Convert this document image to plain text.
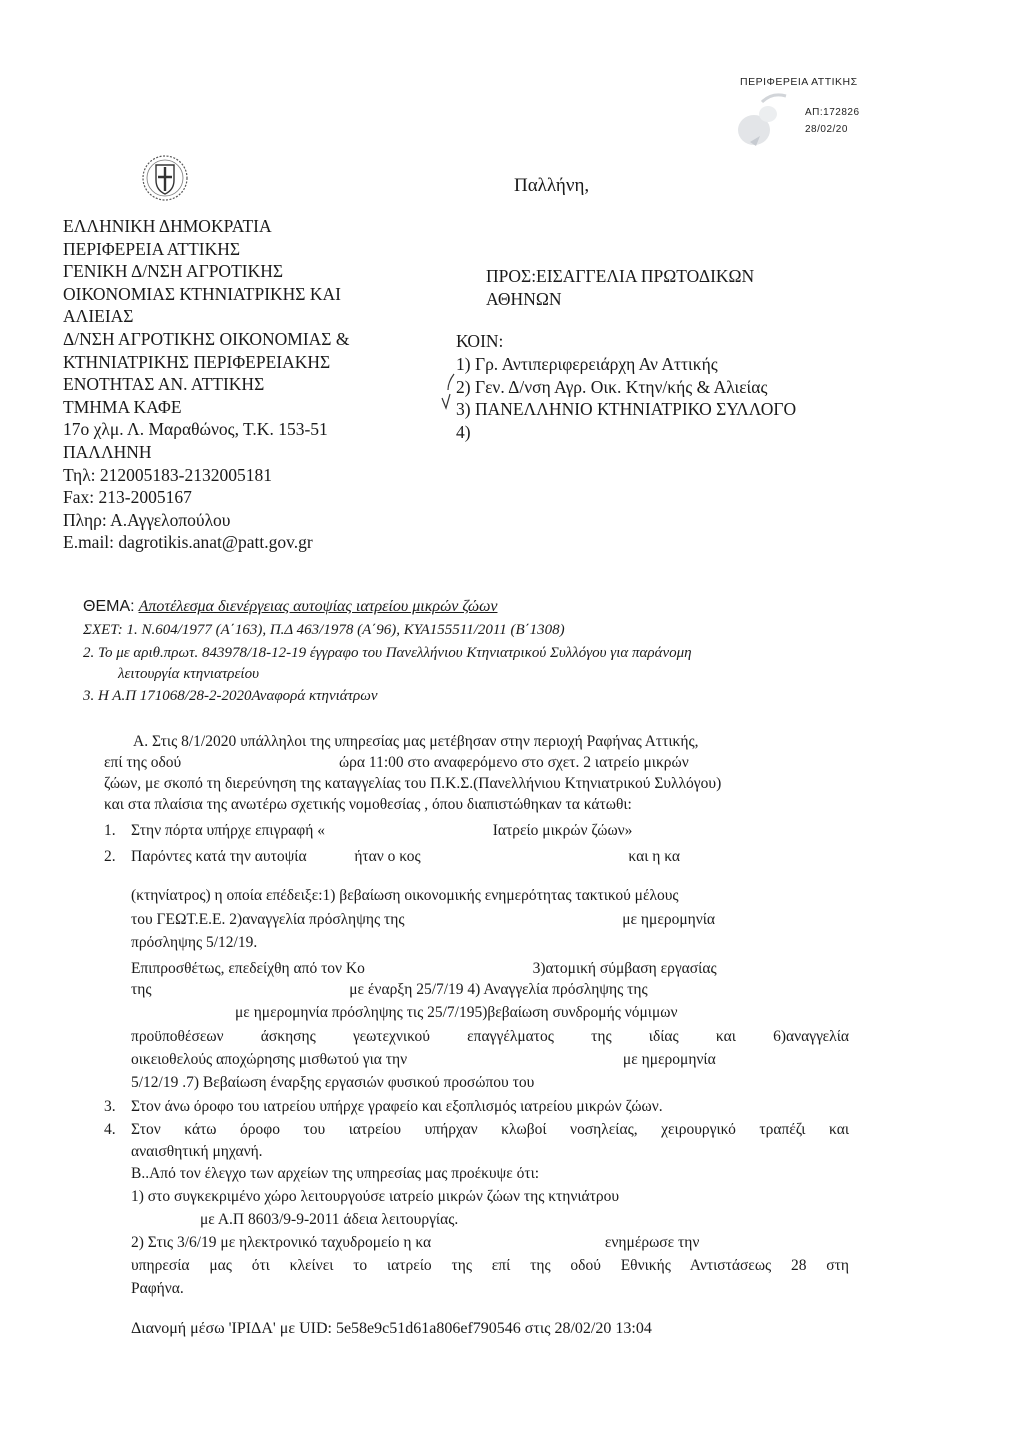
ΠΕΡΙΦΕΡΕΙΑ ΑΤΤΙΚΗΣ
ΑΠ:172826
28/02/20
Παλλήνη,
ΕΛΛΗΝΙΚΗ ΔΗΜΟΚΡΑΤΙΑ
ΠΕΡΙΦΕΡΕΙΑ ΑΤΤΙΚΗΣ
ΓΕΝΙΚΗ Δ/ΝΣΗ ΑΓΡΟΤΙΚΗΣ
ΟΙΚΟΝΟΜΙΑΣ ΚΤΗΝΙΑΤΡΙΚΗΣ ΚΑΙ
ΑΛΙΕΙΑΣ
Δ/ΝΣΗ ΑΓΡΟΤΙΚΗΣ ΟΙΚΟΝΟΜΙΑΣ &
ΚΤΗΝΙΑΤΡΙΚΗΣ ΠΕΡΙΦΕΡΕΙΑΚΗΣ
ΕΝΟΤΗΤΑΣ ΑΝ. ΑΤΤΙΚΗΣ
ΤΜΗΜΑ ΚΑΦΕ
17ο χλμ. Λ. Μαραθώνος, Τ.Κ. 153-51
ΠΑΛΛΗΝΗ
Τηλ: 212005183-2132005181
Fax: 213-2005167
Πληρ: Α.Αγγελοπούλου
E.mail: dagrotikis.anat@patt.gov.gr
ΠΡΟΣ:ΕΙΣΑΓΓΕΛΙΑ ΠΡΩΤΟΔΙΚΩΝ
ΑΘΗΝΩΝ
ΚΟΙΝ:
1) Γρ. Αντιπεριφερειάρχη Αν Αττικής
2) Γεν. Δ/νση Αγρ. Οικ. Κτην/κής & Αλιείας
3) ΠΑΝΕΛΛΗΝΙΟ ΚΤΗΝΙΑΤΡΙΚΟ ΣΥΛΛΟΓΟ
4)
ΘΕΜΑ: Αποτέλεσμα διενέργειας αυτοψίας ιατρείου μικρών ζώων
ΣΧΕΤ: 1. Ν.604/1977 (Α΄163), Π.Δ 463/1978 (Α΄96), ΚΥΑ155511/2011 (Β΄1308)
2. Το με αριθ.πρωτ. 843978/18-12-19 έγγραφο του Πανελλήνιου Κτηνιατρικού Συλλόγου για παράνομη
λειτουργία κτηνιατρείου
3. Η Α.Π 171068/28-2-2020Αναφορά κτηνιάτρων
Α. Στις 8/1/2020 υπάλληλοι της υπηρεσίας μας μετέβησαν στην περιοχή Ραφήνας Αττικής,
επί της οδού	ώρα 11:00 στο αναφερόμενο στο σχετ. 2 ιατρείο μικρών
ζώων, με σκοπό τη διερεύνηση της καταγγελίας του Π.Κ.Σ.(Πανελλήνιου Κτηνιατρικού Συλλόγου)
και στα πλαίσια της ανωτέρω σχετικής νομοθεσίας , όπου διαπιστώθηκαν τα κάτωθι:
1. Στην πόρτα υπήρχε επιγραφή «	Ιατρείο μικρών ζώων»
2. Παρόντες κατά την αυτοψία	ήταν ο κος	και η κα
(κτηνίατρος) η οποία επέδειξε:1) βεβαίωση οικονομικής ενημερότητας τακτικού μέλους
του ΓΕΩΤ.Ε.Ε. 2)αναγγελία πρόσληψης της	με ημερομηνία
πρόσληψης 5/12/19.
Επιπροσθέτως, επεδείχθη από τον Κο	3)ατομική σύμβαση εργασίας
της	με έναρξη 25/7/19 4) Αναγγελία πρόσληψης της
με ημερομηνία πρόσληψης τις 25/7/195)βεβαίωση συνδρομής νόμιμων
προϋποθέσεων άσκησης γεωτεχνικού επαγγέλματος της ιδίας και 6)αναγγελία
οικειοθελούς αποχώρησης μισθωτού για την	με ημερομηνία
5/12/19 .7) Βεβαίωση έναρξης εργασιών φυσικού προσώπου του
3. Στον άνω όροφο του ιατρείου υπήρχε γραφείο και εξοπλισμός ιατρείου μικρών ζώων.
4. Στον κάτω όροφο του ιατρείου υπήρχαν κλωβοί νοσηλείας, χειρουργικό τραπέζι και
αναισθητική μηχανή.
Β..Από τον έλεγχο των αρχείων της υπηρεσίας μας προέκυψε ότι:
1) στο συγκεκριμένο χώρο λειτουργούσε ιατρείο μικρών ζώων της κτηνιάτρου
με Α.Π 8603/9-9-2011 άδεια λειτουργίας.
2) Στις 3/6/19 με ηλεκτρονικό ταχυδρομείο η κα	ενημέρωσε την
υπηρεσία μας ότι κλείνει το ιατρείο της επί της οδού Εθνικής Αντιστάσεως 28 στη
Ραφήνα.
Διανομή μέσω 'ΙΡΙΔΑ' με UID: 5e58e9c51d61a806ef790546 στις 28/02/20 13:04
